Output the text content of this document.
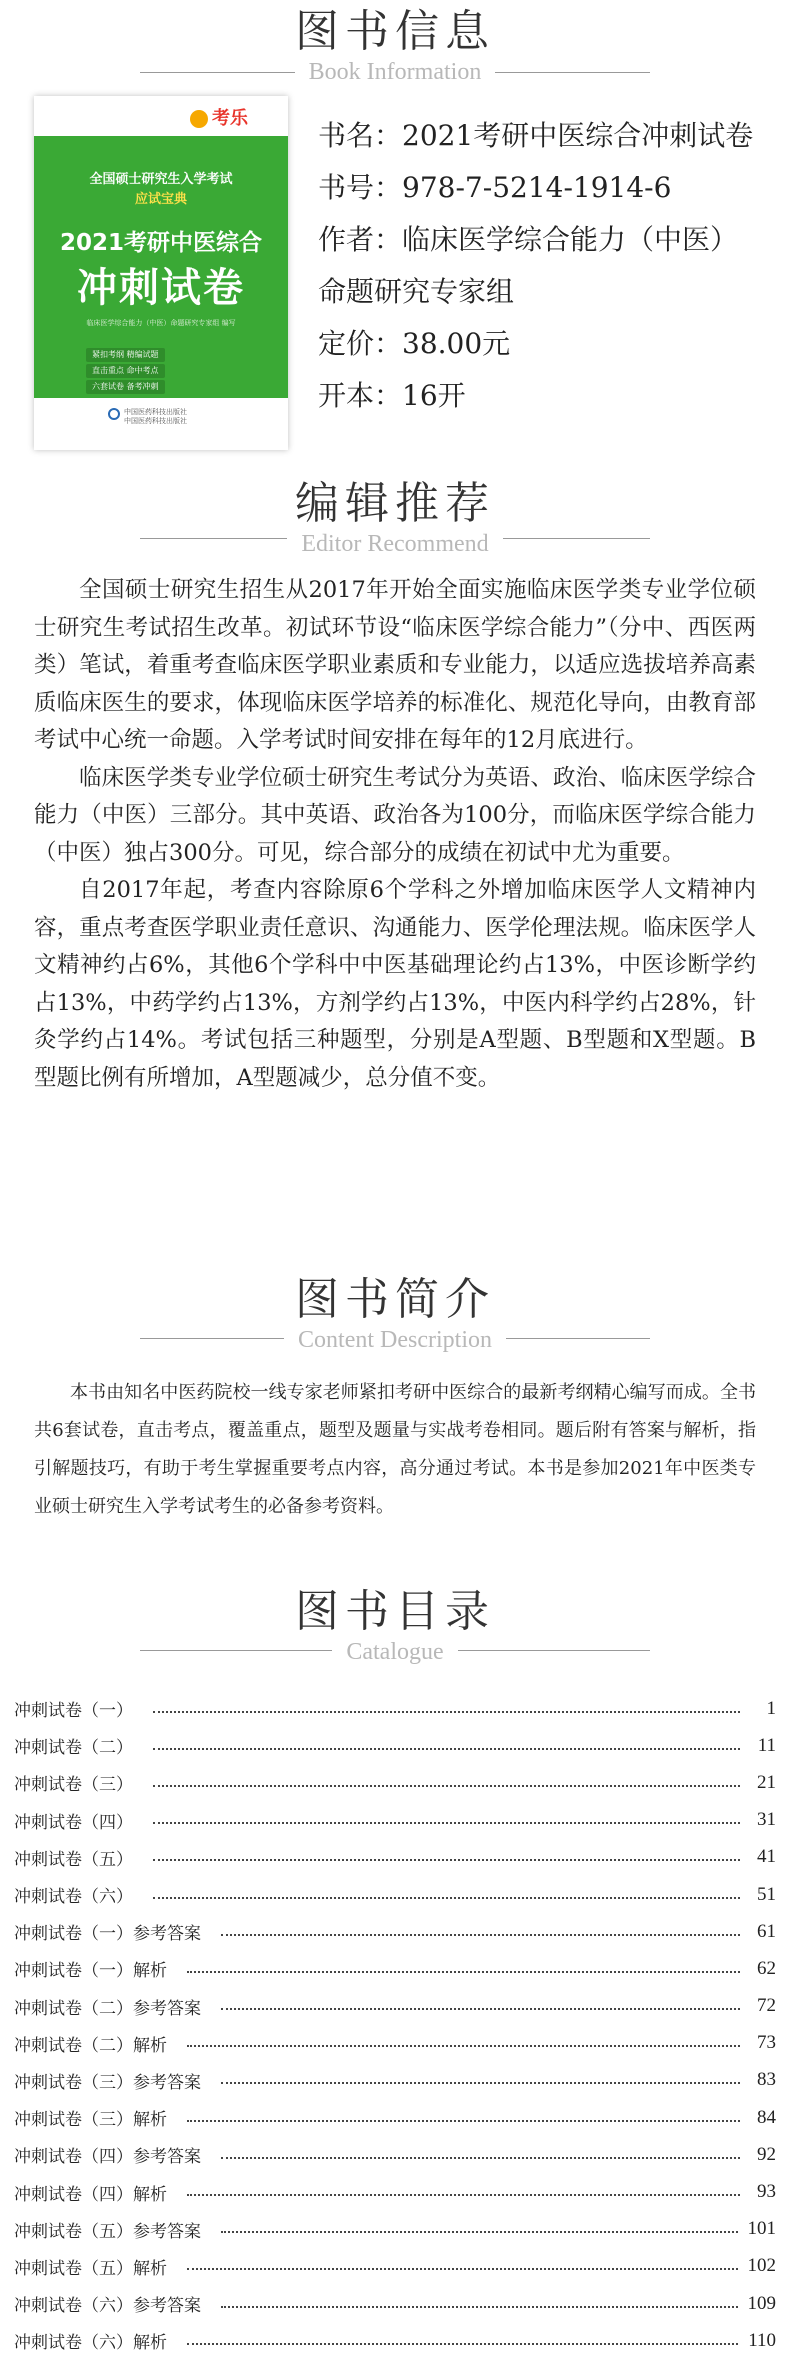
图书信息
Book Information
考乐
全国硕士研究生入学考试
应试宝典
2021考研中医综合
冲刺试卷
临床医学综合能力（中医）命题研究专家组 编写
紧扣考纲 精编试题
直击重点 命中考点
六套试卷 备考冲刺
中国医药科技出版社
中国医药科技出版社
书名：2021考研中医综合冲刺试卷
书号：978-7-5214-1914-6
作者：临床医学综合能力（中医）
命题研究专家组
定价：38.00元
开本：16开
编辑推荐
Editor Recommend

全国硕士研究生招生从2017年开始全面实施临床医学类专业学位硕士研究生考试招生改革。初试环节设“临床医学综合能力”（分中、西医两类）笔试，着重考查临床医学职业素质和专业能力，以适应选拔培养高素质临床医生的要求，体现临床医学培养的标准化、规范化导向，由教育部考试中心统一命题。入学考试时间安排在每年的12月底进行。

临床医学类专业学位硕士研究生考试分为英语、政治、临床医学综合能力（中医）三部分。其中英语、政治各为100分，而临床医学综合能力（中医）独占300分。可见，综合部分的成绩在初试中尤为重要。

自2017年起，考查内容除原6个学科之外增加临床医学人文精神内容，重点考查医学职业责任意识、沟通能力、医学伦理法规。临床医学人文精神约占6%，其他6个学科中中医基础理论约占13%，中医诊断学约占13%，中药学约占13%，方剂学约占13%，中医内科学约占28%，针灸学约占14%。考试包括三种题型，分别是A型题、B型题和X型题。B型题比例有所增加，A型题减少，总分值不变。

图书简介
Content Description

本书由知名中医药院校一线专家老师紧扣考研中医综合的最新考纲精心编写而成。全书共6套试卷，直击考点，覆盖重点，题型及题量与实战考卷相同。题后附有答案与解析，指引解题技巧，有助于考生掌握重要考点内容，高分通过考试。本书是参加2021年中医类专业硕士研究生入学考试考生的必备参考资料。

图书目录
Catalogue
冲刺试卷（一）	1
冲刺试卷（二）	11
冲刺试卷（三）	21
冲刺试卷（四）	31
冲刺试卷（五）	41
冲刺试卷（六）	51
冲刺试卷（一）参考答案	61
冲刺试卷（一）解析	62
冲刺试卷（二）参考答案	72
冲刺试卷（二）解析	73
冲刺试卷（三）参考答案	83
冲刺试卷（三）解析	84
冲刺试卷（四）参考答案	92
冲刺试卷（四）解析	93
冲刺试卷（五）参考答案	101
冲刺试卷（五）解析	102
冲刺试卷（六）参考答案	109
冲刺试卷（六）解析	110
